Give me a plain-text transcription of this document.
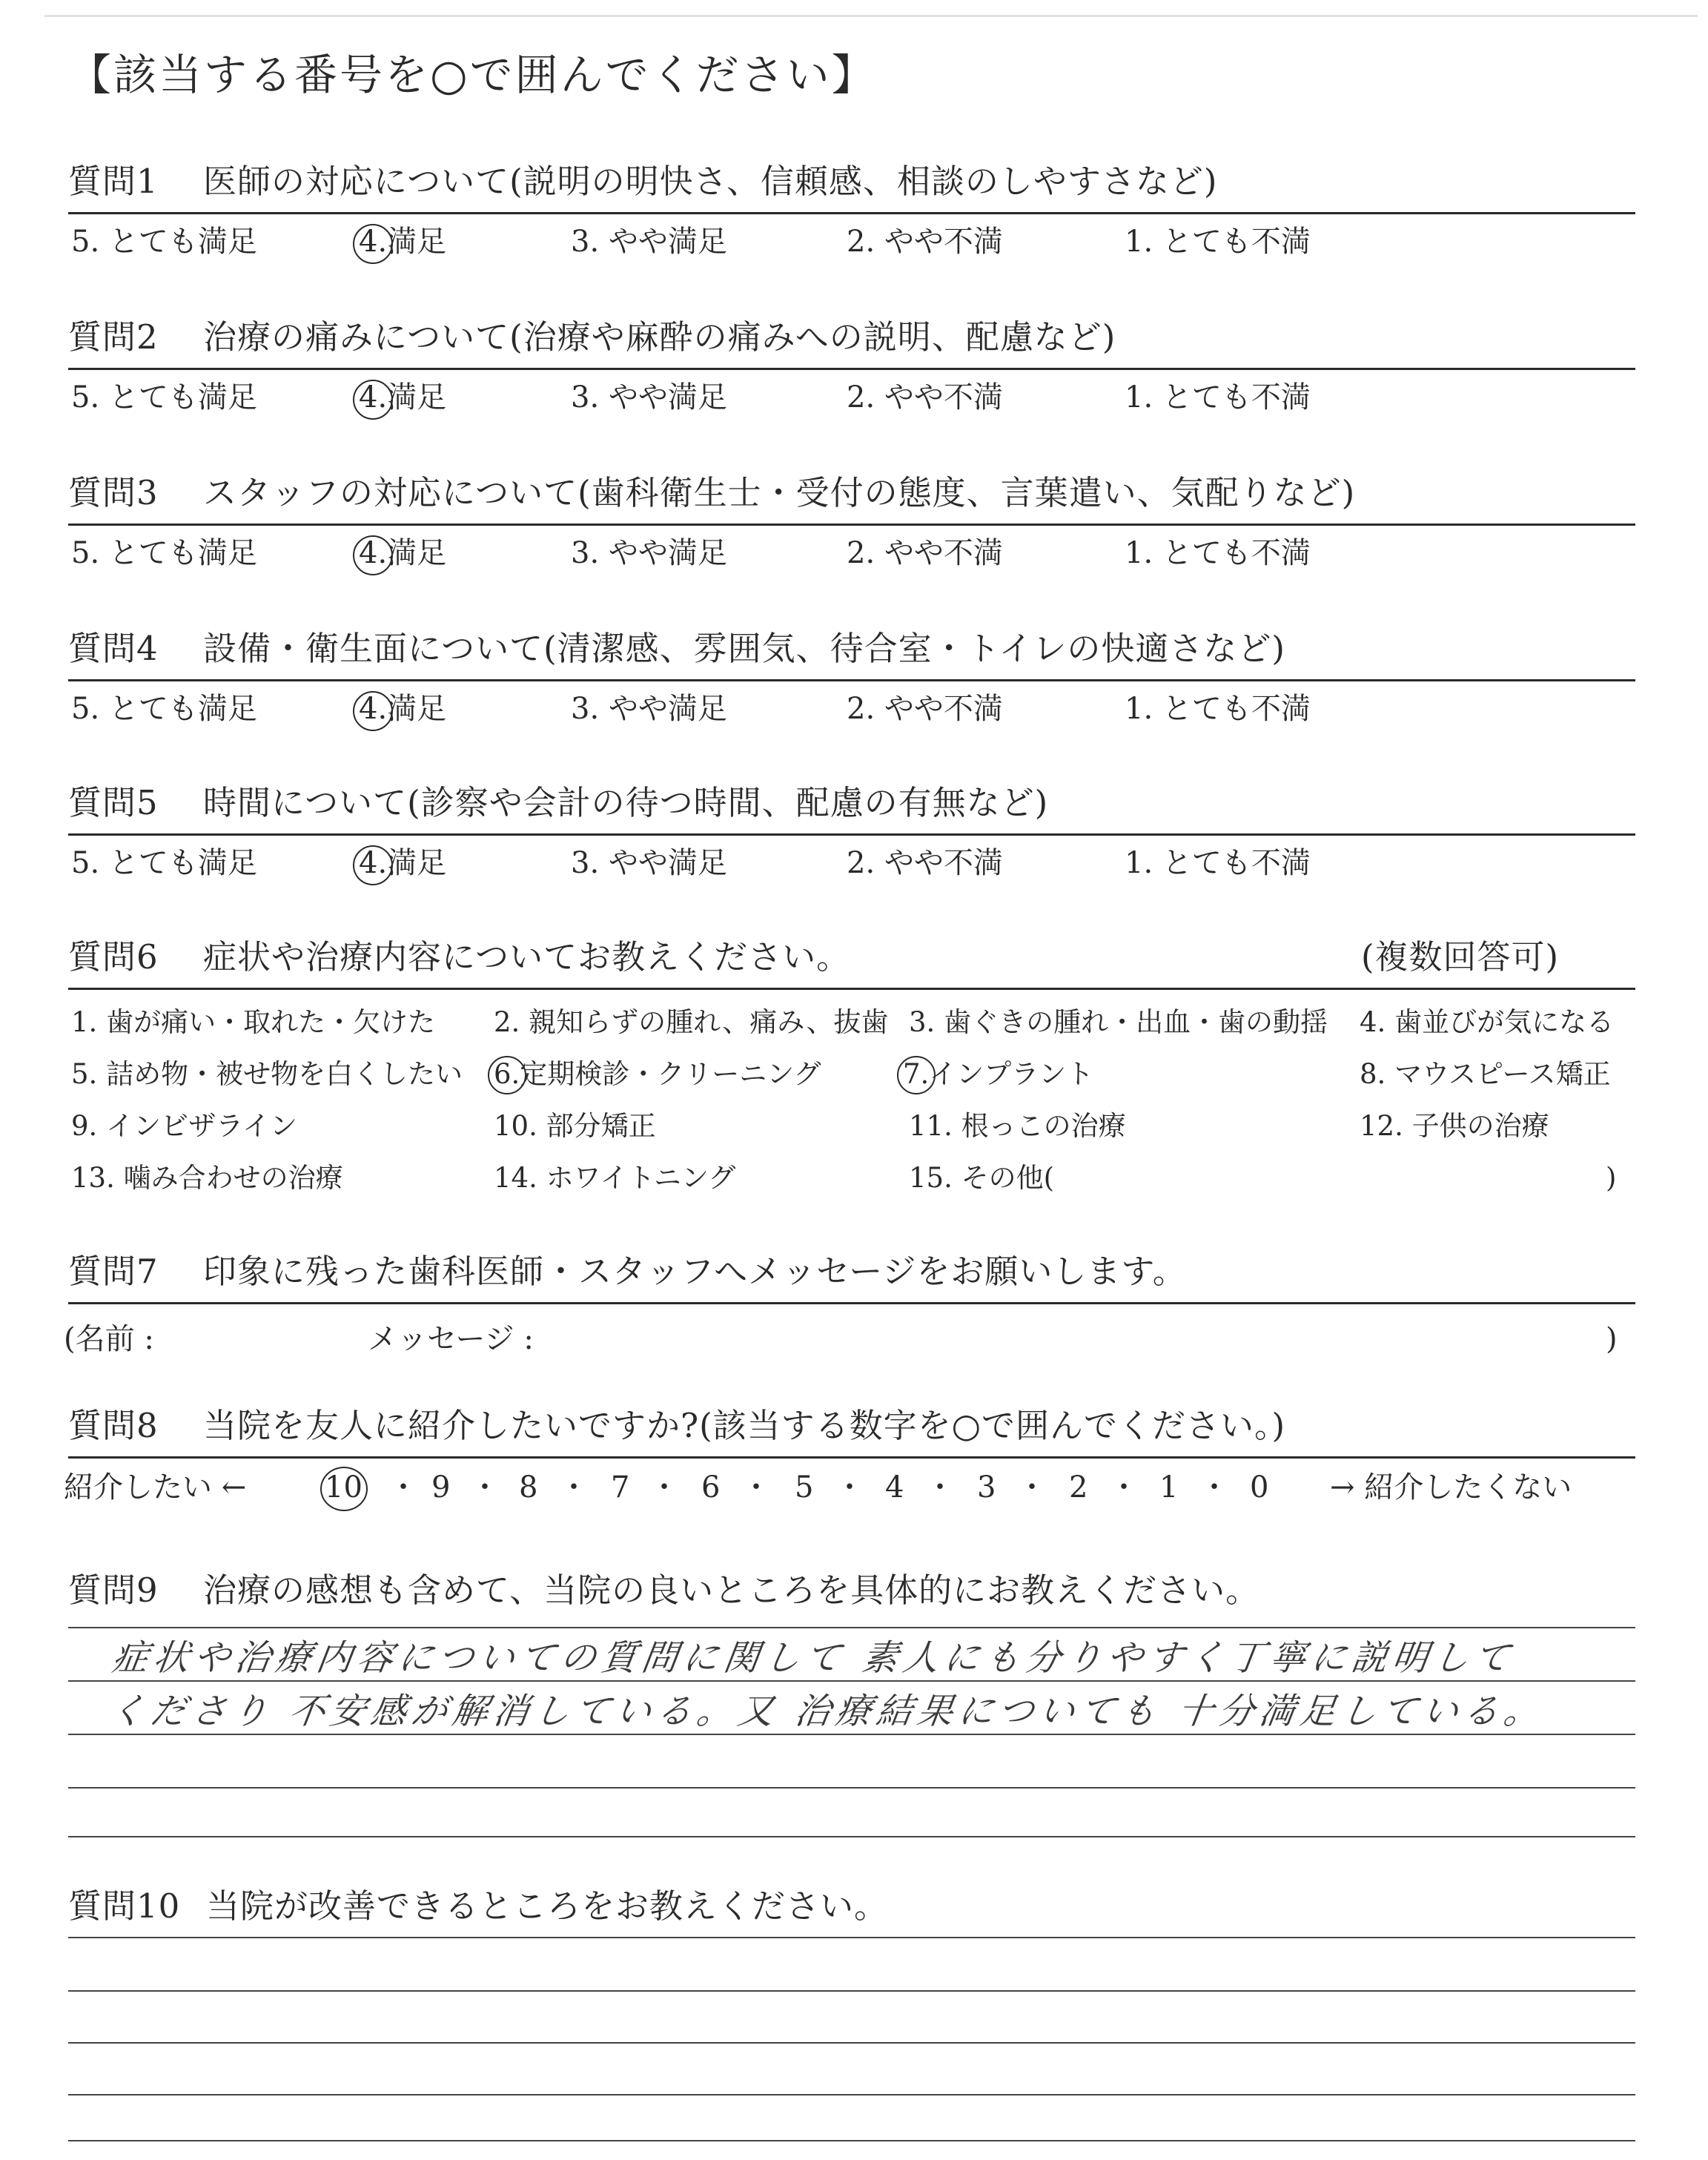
【該当する番号を○で囲んでください】
質問1 医師の対応について(説明の明快さ、信頼感、相談のしやすさなど)
5. とても満足	4.満足	3. やや満足	2. やや不満	1. とても不満
質問2 治療の痛みについて(治療や麻酔の痛みへの説明、配慮など)
5. とても満足	4.満足	3. やや満足	2. やや不満	1. とても不満
質問3 スタッフの対応について(歯科衛生士・受付の態度、言葉遣い、気配りなど)
5. とても満足	4.満足	3. やや満足	2. やや不満	1. とても不満
質問4 設備・衛生面について(清潔感、雰囲気、待合室・トイレの快適さなど)
5. とても満足	4.満足	3. やや満足	2. やや不満	1. とても不満
質問5 時間について(診察や会計の待つ時間、配慮の有無など)
5. とても満足	4.満足	3. やや満足	2. やや不満	1. とても不満
質問6 症状や治療内容についてお教えください。	(複数回答可)
1. 歯が痛い・取れた・欠けた 2. 親知らずの腫れ、痛み、抜歯 3. 歯ぐきの腫れ・出血・歯の動揺 4. 歯並びが気になる
5. 詰め物・被せ物を白くしたい 6.定期検診・クリーニング	7.インプラント	8. マウスピース矯正
9. インビザライン	10. 部分矯正	11. 根っこの治療	12. 子供の治療
13. 噛み合わせの治療	14. ホワイトニング	15. その他(	)
質問7 印象に残った歯科医師・スタッフへメッセージをお願いします。
(名前 :	メッセージ :	)
質問8 当院を友人に紹介したいですか?(該当する数字を○で囲んでください。)
紹介したい ←	10 ・ 9 ・ 8 ・ 7 ・ 6 ・ 5 ・ 4 ・ 3 ・ 2 ・ 1 ・ 0 → 紹介したくない
質問9 治療の感想も含めて、当院の良いところを具体的にお教えください。
症状や治療内容についての質問に関して 素人にも分りやすく丁寧に説明して
くださり 不安感が解消している。又 治療結果についても 十分満足している。
質問10 当院が改善できるところをお教えください。
